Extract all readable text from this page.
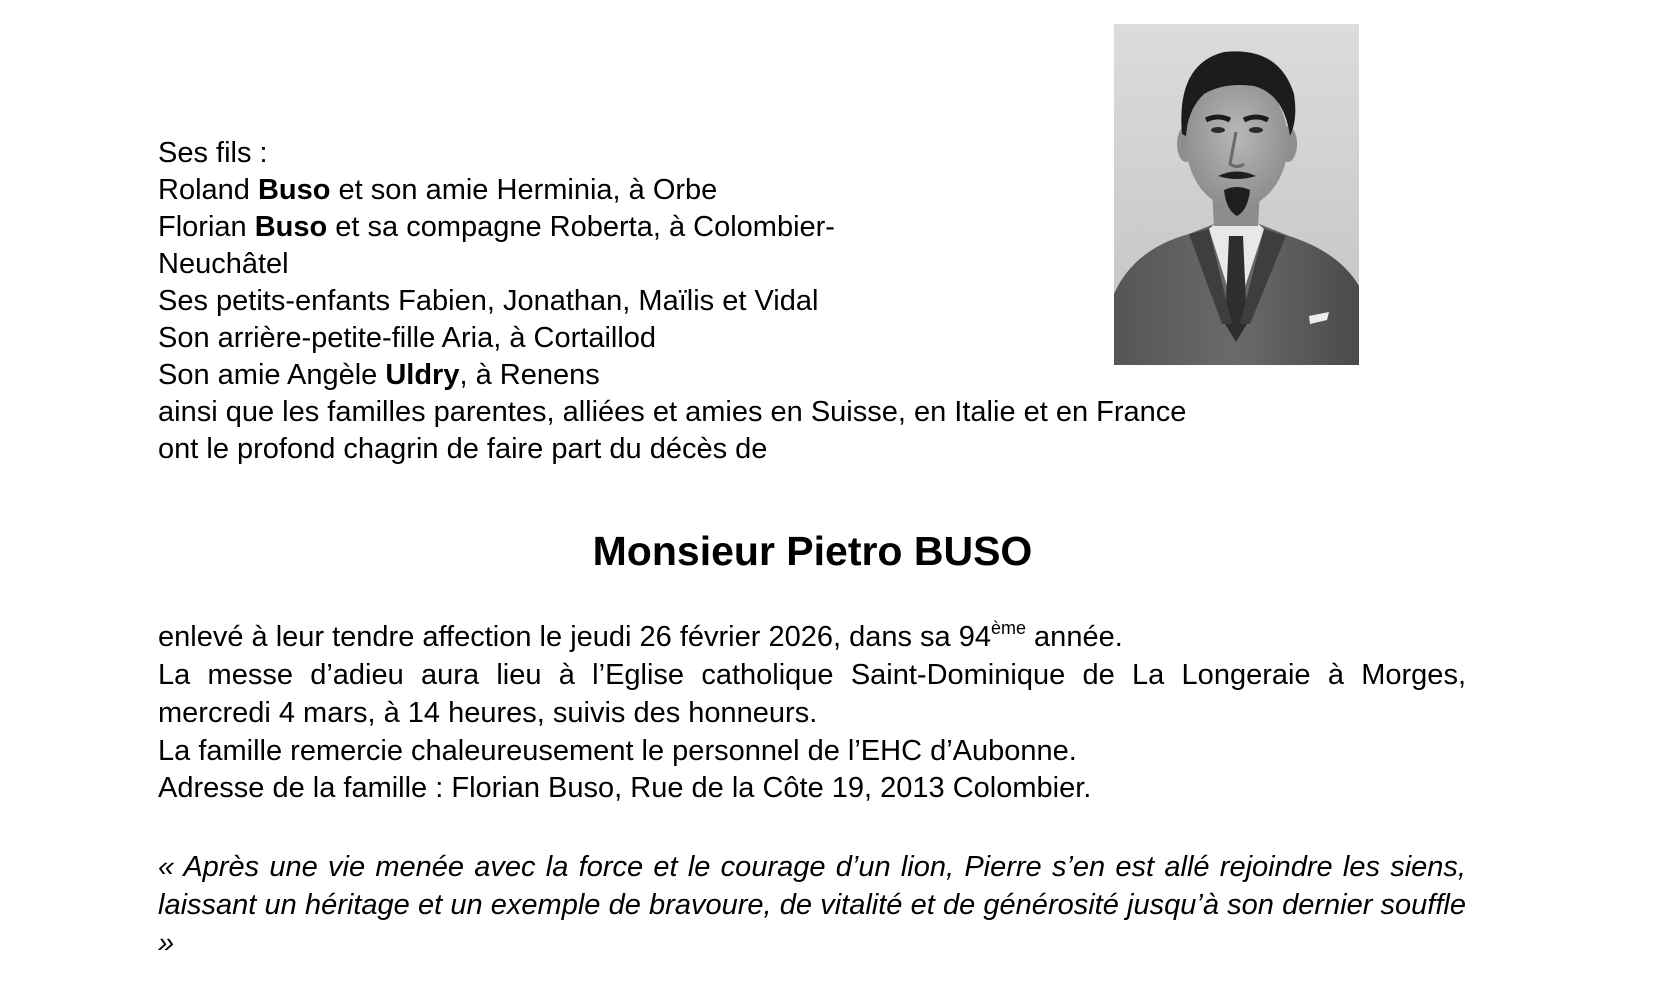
Ses fils :
Roland Buso et son amie Herminia, à Orbe
Florian Buso et sa compagne Roberta, à Colombier-
Neuchâtel
Ses petits-enfants Fabien, Jonathan, Maïlis et Vidal
Son arrière-petite-fille Aria, à Cortaillod
Son amie Angèle Uldry, à Renens
ainsi que les familles parentes, alliées et amies en Suisse, en Italie et en France
ont le profond chagrin de faire part du décès de
Monsieur Pietro BUSO
enlevé à leur tendre affection le jeudi 26 février 2026, dans sa 94ème année.
La messe d’adieu aura lieu à l’Eglise catholique Saint-Dominique de La Longeraie à Morges, mercredi 4 mars, à 14 heures, suivis des honneurs.
La famille remercie chaleureusement le personnel de l’EHC d’Aubonne.
Adresse de la famille : Florian Buso, Rue de la Côte 19, 2013 Colombier.
« Après une vie menée avec la force et le courage d’un lion, Pierre s’en est allé rejoindre les siens, laissant un héritage et un exemple de bravoure, de vitalité et de générosité jusqu’à son dernier souffle »
